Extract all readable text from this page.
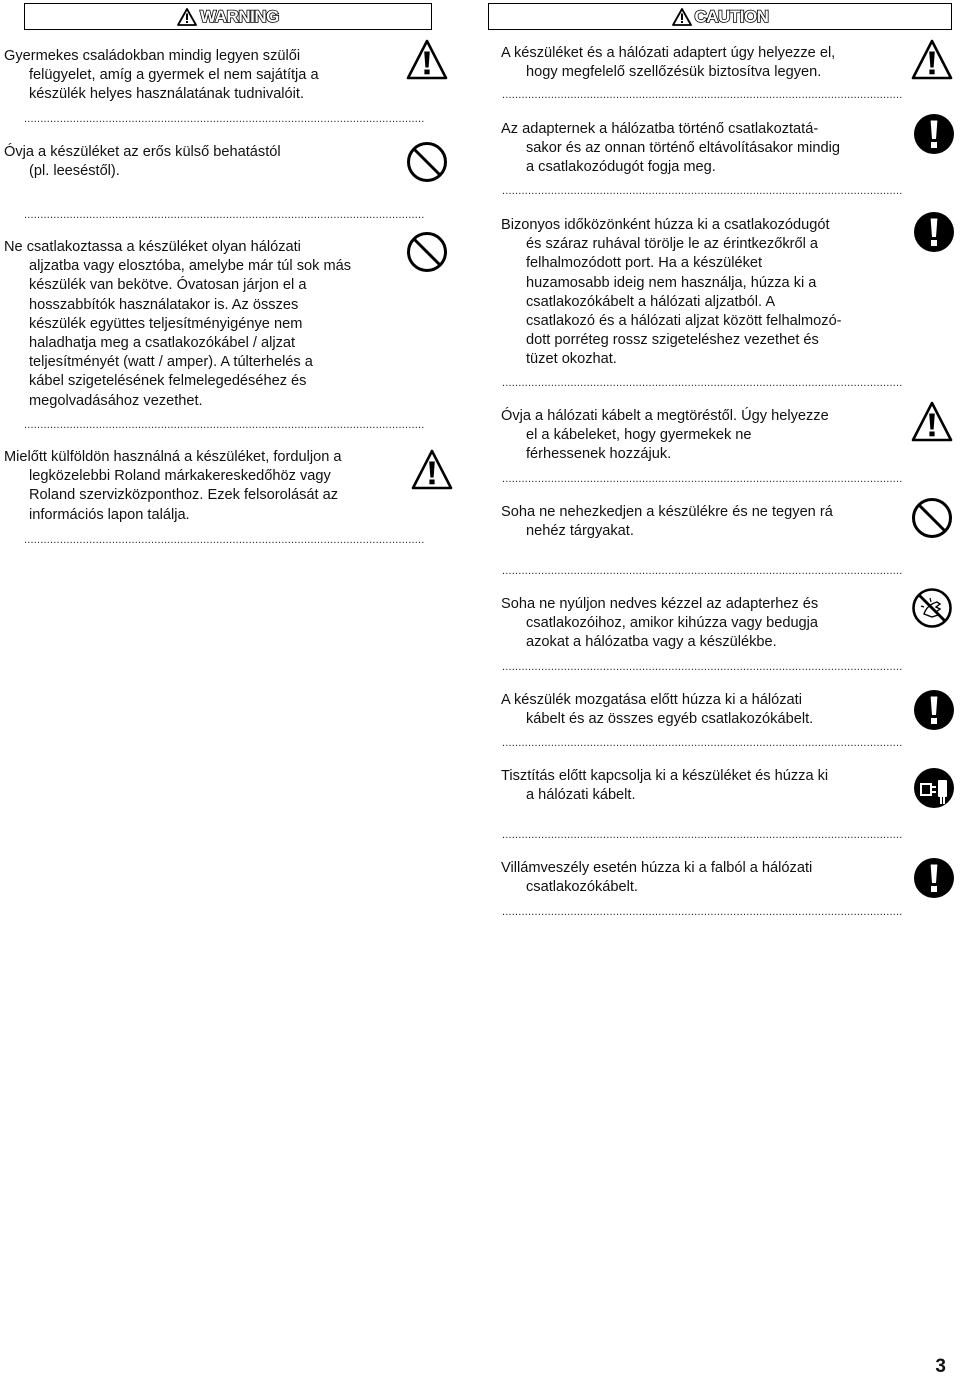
WARNING
Gyermekes családokban mindig legyen szülői
felügyelet, amíg a gyermek el nem sajátítja a
készülék helyes használatának tudnivalóit.
...........................................................................................................................
Óvja a készüléket az erős külső behatástól
(pl. leeséstől).
...........................................................................................................................
Ne csatlakoztassa a készüléket olyan hálózati
aljzatba vagy elosztóba, amelybe már túl sok más
készülék van bekötve. Óvatosan járjon el a
hosszabbítók használatakor is. Az összes
készülék együttes teljesítményigénye nem
haladhatja meg a csatlakozókábel / aljzat
teljesítményét (watt / amper). A túlterhelés a
kábel szigetelésének felmelegedéséhez és
megolvadásához vezethet.
...........................................................................................................................
Mielőtt külföldön használná a készüléket, forduljon a
legközelebbi Roland márkakereskedőhöz vagy
Roland szervizközponthoz. Ezek felsorolását az
információs lapon találja.
...........................................................................................................................
CAUTION
A készüléket és a hálózati adaptert úgy helyezze el,
hogy megfelelő szellőzésük biztosítva legyen.
...........................................................................................................................
Az adapternek a hálózatba történő csatlakoztatá-
sakor és az onnan történő eltávolításakor mindig
a csatlakozódugót fogja meg.
...........................................................................................................................
Bizonyos időközönként húzza ki a csatlakozódugót
és száraz ruhával törölje le az érintkezőkről a
felhalmozódott port. Ha a készüléket
huzamosabb ideig nem használja, húzza ki a
csatlakozókábelt a hálózati aljzatból. A
csatlakozó és a hálózati aljzat között felhalmozó-
dott porréteg rossz szigeteléshez vezethet és
tüzet okozhat.
...........................................................................................................................
Óvja a hálózati kábelt a megtöréstől. Úgy helyezze
el a kábeleket, hogy gyermekek ne
férhessenek hozzájuk.
...........................................................................................................................
Soha ne nehezkedjen a készülékre és ne tegyen rá
nehéz tárgyakat.
...........................................................................................................................
Soha ne nyúljon nedves kézzel az adapterhez és
csatlakozóihoz, amikor kihúzza vagy bedugja
azokat a hálózatba vagy a készülékbe.
...........................................................................................................................
A készülék mozgatása előtt húzza ki a hálózati
kábelt és az összes egyéb csatlakozókábelt.
...........................................................................................................................
Tisztítás előtt kapcsolja ki a készüléket és húzza ki
a hálózati kábelt.
...........................................................................................................................
Villámveszély esetén húzza ki a falból a hálózati
csatlakozókábelt.
...........................................................................................................................
3
